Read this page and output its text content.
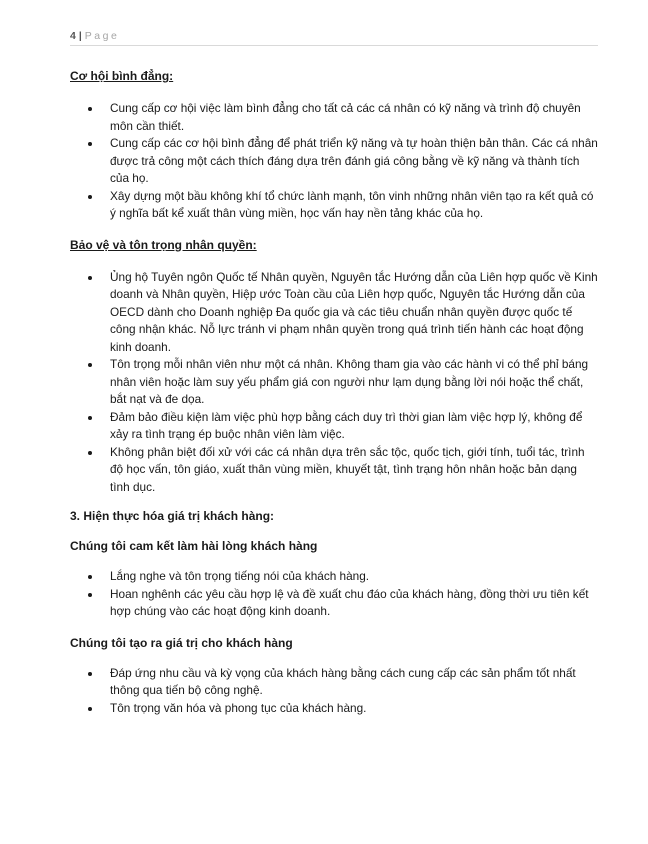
4 | Page

Cơ hội bình đẳng:

Cung cấp cơ hội việc làm bình đẳng cho tất cả các cá nhân có kỹ năng và trình độ chuyên môn cần thiết.
Cung cấp các cơ hội bình đẳng để phát triển kỹ năng và tự hoàn thiện bản thân. Các cá nhân được trả công một cách thích đáng dựa trên đánh giá công bằng về kỹ năng và thành tích của họ.
Xây dựng một bầu không khí tổ chức lành mạnh, tôn vinh những nhân viên tạo ra kết quả có ý nghĩa bất kể xuất thân vùng miền, học vấn hay nền tảng khác của họ.

Bảo vệ và tôn trọng nhân quyền:

Ủng hộ Tuyên ngôn Quốc tế Nhân quyền, Nguyên tắc Hướng dẫn của Liên hợp quốc về Kinh doanh và Nhân quyền, Hiệp ước Toàn cầu của Liên hợp quốc, Nguyên tắc Hướng dẫn của OECD dành cho Doanh nghiệp Đa quốc gia và các tiêu chuẩn nhân quyền được quốc tế công nhận khác. Nỗ lực tránh vi phạm nhân quyền trong quá trình tiến hành các hoạt động kinh doanh.
Tôn trọng mỗi nhân viên như một cá nhân. Không tham gia vào các hành vi có thể phỉ báng nhân viên hoặc làm suy yếu phẩm giá con người như lạm dụng bằng lời nói hoặc thể chất, bắt nạt và đe dọa.
Đảm bảo điều kiện làm việc phù hợp bằng cách duy trì thời gian làm việc hợp lý, không để xảy ra tình trạng ép buộc nhân viên làm việc.
Không phân biệt đối xử với các cá nhân dựa trên sắc tộc, quốc tịch, giới tính, tuổi tác, trình độ học vấn, tôn giáo, xuất thân vùng miền, khuyết tật, tình trạng hôn nhân hoặc bản dạng tình dục.

3. Hiện thực hóa giá trị khách hàng:

Chúng tôi cam kết làm hài lòng khách hàng

Lắng nghe và tôn trọng tiếng nói của khách hàng.
Hoan nghênh các yêu cầu hợp lệ và đề xuất chu đáo của khách hàng, đồng thời ưu tiên kết hợp chúng vào các hoạt động kinh doanh.

Chúng tôi tạo ra giá trị cho khách hàng

Đáp ứng nhu cầu và kỳ vọng của khách hàng bằng cách cung cấp các sản phẩm tốt nhất thông qua tiến bộ công nghệ.
Tôn trọng văn hóa và phong tục của khách hàng.
